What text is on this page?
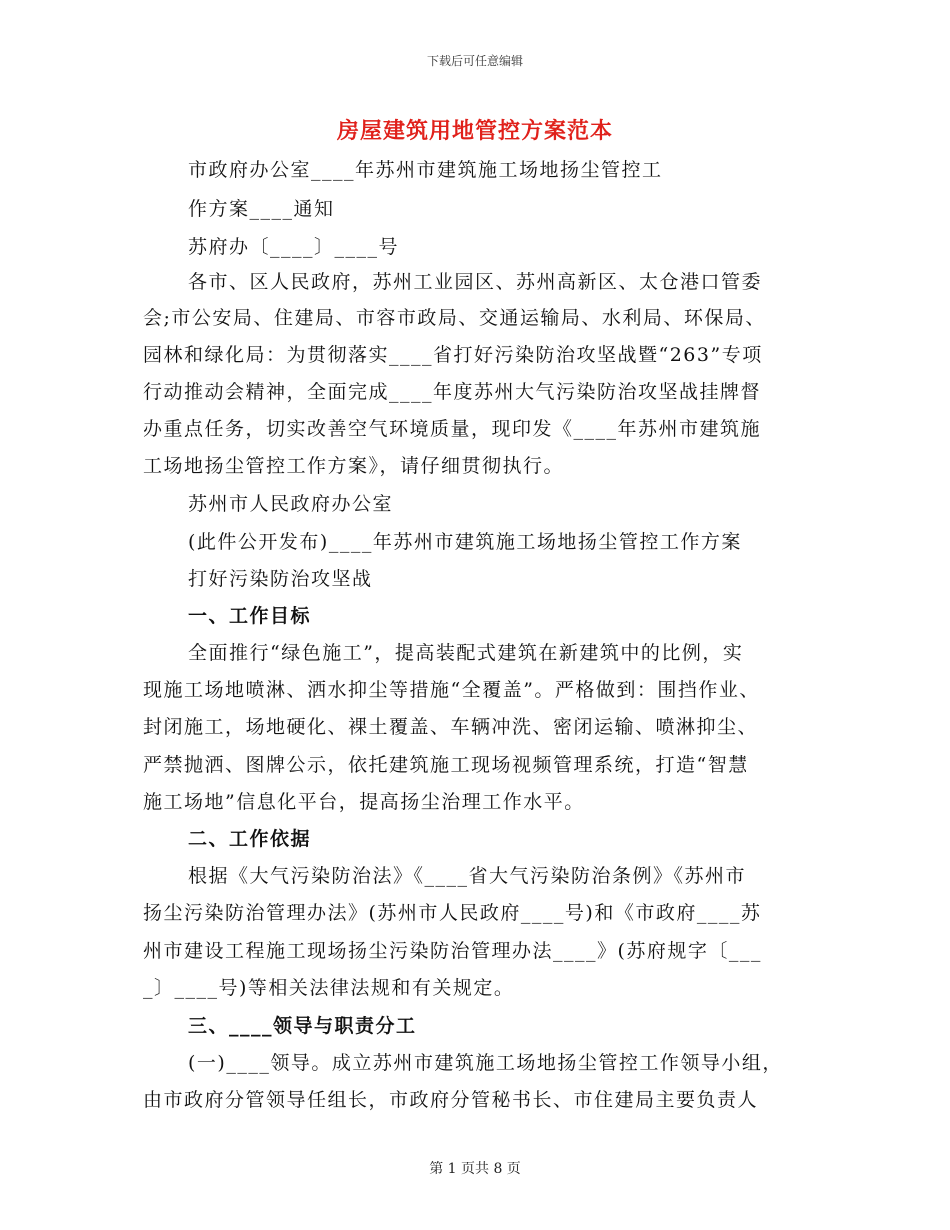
下载后可任意编辑
房屋建筑用地管控方案范本
市政府办公室____年苏州市建筑施工场地扬尘管控工
作方案____通知
苏府办〔____〕____号
各市、区人民政府，苏州工业园区、苏州高新区、太仓港口管委
会;市公安局、住建局、市容市政局、交通运输局、水利局、环保局、
园林和绿化局：为贯彻落实____省打好污染防治攻坚战暨“263”专项
行动推动会精神，全面完成____年度苏州大气污染防治攻坚战挂牌督
办重点任务，切实改善空气环境质量，现印发《____年苏州市建筑施
工场地扬尘管控工作方案》，请仔细贯彻执行。
苏州市人民政府办公室
(此件公开发布)____年苏州市建筑施工场地扬尘管控工作方案
打好污染防治攻坚战
一、工作目标
全面推行“绿色施工”，提高装配式建筑在新建筑中的比例，实
现施工场地喷淋、洒水抑尘等措施“全覆盖”。严格做到：围挡作业、
封闭施工，场地硬化、裸土覆盖、车辆冲洗、密闭运输、喷淋抑尘、
严禁抛洒、图牌公示，依托建筑施工现场视频管理系统，打造“智慧
施工场地”信息化平台，提高扬尘治理工作水平。
二、工作依据
根据《大气污染防治法》《____省大气污染防治条例》《苏州市
扬尘污染防治管理办法》(苏州市人民政府____号)和《市政府____苏
州市建设工程施工现场扬尘污染防治管理办法____》(苏府规字〔___
_〕____号)等相关法律法规和有关规定。
三、____领导与职责分工
(一)____领导。成立苏州市建筑施工场地扬尘管控工作领导小组，
由市政府分管领导任组长，市政府分管秘书长、市住建局主要负责人
第 1 页共 8 页
